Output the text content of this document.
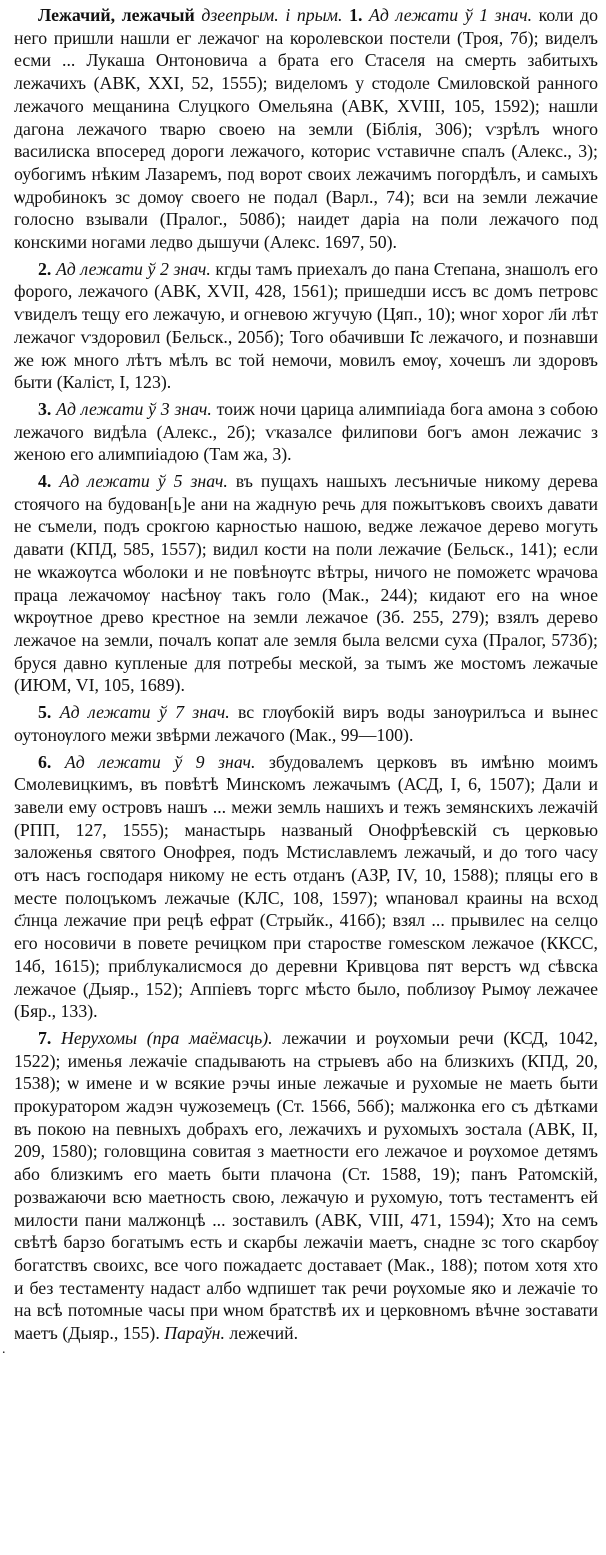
Лежачий, лежачый дзеeпрым. і прым. 1. Ад лежати ў 1 знач. коли до него пришли нашли ег лежачог на королевскои постели (Троя, 7б); виделъ есми ... Лукаша Онтоновича а брата его Стаселя на смерть забитыхъ лежачихъ (АВК, XXI, 52, 1555); виделомъ у стодоле Смиловской ранного лежачого мещанина Слуцкого Омельяна (АВК, XVIII, 105, 1592); нашли дагона лежачого тварю своею на земли (Біблія, 306); ѵзрѣлъ ѡного василиска впосеред дороги лежачого, которис ѵставичне спалъ (Алекс., 3); оубогимъ нѣким Лазаремъ, под ворот своих лежачимъ погордѣлъ, и самыхъ ѡдробинокъ зс домѹ своего не подал (Варл., 74); вси на земли лежачие голосно взывали (Пралог., 508б); наидет даріа на поли лежачого под конскими ногами ледво дышучи (Алекс. 1697, 50).

2. Ад лежати ў 2 знач. кгды тамъ приехалъ до пана Степана, знашолъ его форого, лежачого (АВК, XVII, 428, 1561); пришедши иссъ вс домъ петровс ѵвиделъ тещу его лежачую, и огневою жгучую (Цяп., 10); ѡног хорог л҃и лѣт лежачог ѵздоровил (Бельск., 205б); Того обачивши І҃с лежачого, и познавши же юж много лѣтъ мѣлъ вс той немочи, мовилъ емѹ, хочешъ ли здоровъ быти (Каліст, І, 123).

3. Ад лежати ў 3 знач. тоиж ночи царица алимпиіада бога амона з собою лежачого видѣла (Алекс., 2б); ѵказалсе филипови богъ амон лежачис з женою его алимпиіадою (Там жа, 3).

4. Ад лежати ў 5 знач. въ пущахъ нашыхъ лесъничые никому дерева стоячого на будован[ь]е ани на жадную речь для пожытъковъ своихъ давати не съмели, подъ срокгою карностью нашою, ведже лежачое дерево могуть давати (КПД, 585, 1557); видил кости на поли лежачие (Бельск., 141); если не ѡкажѹтса ѡболоки и не повѣнѹтс вѣтры, ничого не поможетс ѡрачова праца лежачомѹ насѣнѹ такъ голо (Мак., 244); кидают его на ѡное ѡкрѹтное древо крестное на земли лежачое (Зб. 255, 279); взялъ дерево лежачое на земли, почалъ копат але земля была велсми суха (Пралог, 573б); бруся давно купленые для потребы меской, за тымъ же мостомъ лежачые (ИЮМ, VI, 105, 1689).

5. Ад лежати ў 7 знач. вс глѹбокій виръ воды занѹрилъса и вынес оутонѹлого межи звѣрми лежачого (Мак., 99—100).

6. Ад лежати ў 9 знач. збудовалемъ церковъ въ имѣню моимъ Смолевицкимъ, въ повѣтѣ Минскомъ лежачымъ (АСД, І, 6, 1507); Дали и завели ему островъ нашъ ... межи земль нашихъ и тежъ земянскихъ лежачій (РПП, 127, 1555); манастырь названый Онофрѣевскій съ церковью заложенья святого Онофрея, подъ Мстиславлемъ лежачый, и до того часу отъ насъ господаря никому не есть отданъ (АЗР, IV, 10, 1588); пляцы его в месте полоцъкомъ лежачые (КЛС, 108, 1597); ѡпановал краины на всход с҃лнца лежачие при рецѣ ефрат (Стрыйк., 416б); взял ... прывилес на селцо его носовичи в повете речицком при старостве гомеѕском лежачое (ККСС, 14б, 1615); приблукалисмося до деревни Кривцова пят верстъ ѡд сѣвска лежачое (Дыяр., 152); Аппіевъ торгс мѣсто было, поблизѹ Рымѹ лежачее (Бяр., 133).

7. Нерухомы (пра маёмасць). лежачии и рѹхомыи речи (КСД, 1042, 1522); именья лежачіе спадывають на стрыевъ або на близкихъ (КПД, 20, 1538); ѡ имене и ѡ всякие рэчы иные лежачые и рухомые не маеть быти прокуратором жадэн чужоземецъ (Ст. 1566, 56б); малжонка его съ дѣтками въ покою на певныхъ добрахъ его, лежачихъ и рухомыхъ зостала (АВК, II, 209, 1580); головщина совитая з маетности его лежачое и рѹхомое детямъ або близкимъ его маеть быти плачона (Ст. 1588, 19); панъ Ратомскій, розважаючи всю маетность свою, лежачую и рухомую, тотъ тестаментъ ей милости пани малжонцѣ ... зоставилъ (АВК, VIII, 471, 1594); Хто на семъ свѣтѣ барзо богатымъ есть и скарбы лежачіи маетъ, снадне зс того скарбѹ богатствъ своихс, все чого пожадаетс доставает (Мак., 188); потом хотя хто и без тестаменту надаст албо ѡдпишет так речи рѹхомые яко и лежачіе то на всѣ потомные часы при ѡном братствѣ их и церковномъ вѣчне зоставати маетъ (Дыяр., 155). Параўн. лежечий.

.
